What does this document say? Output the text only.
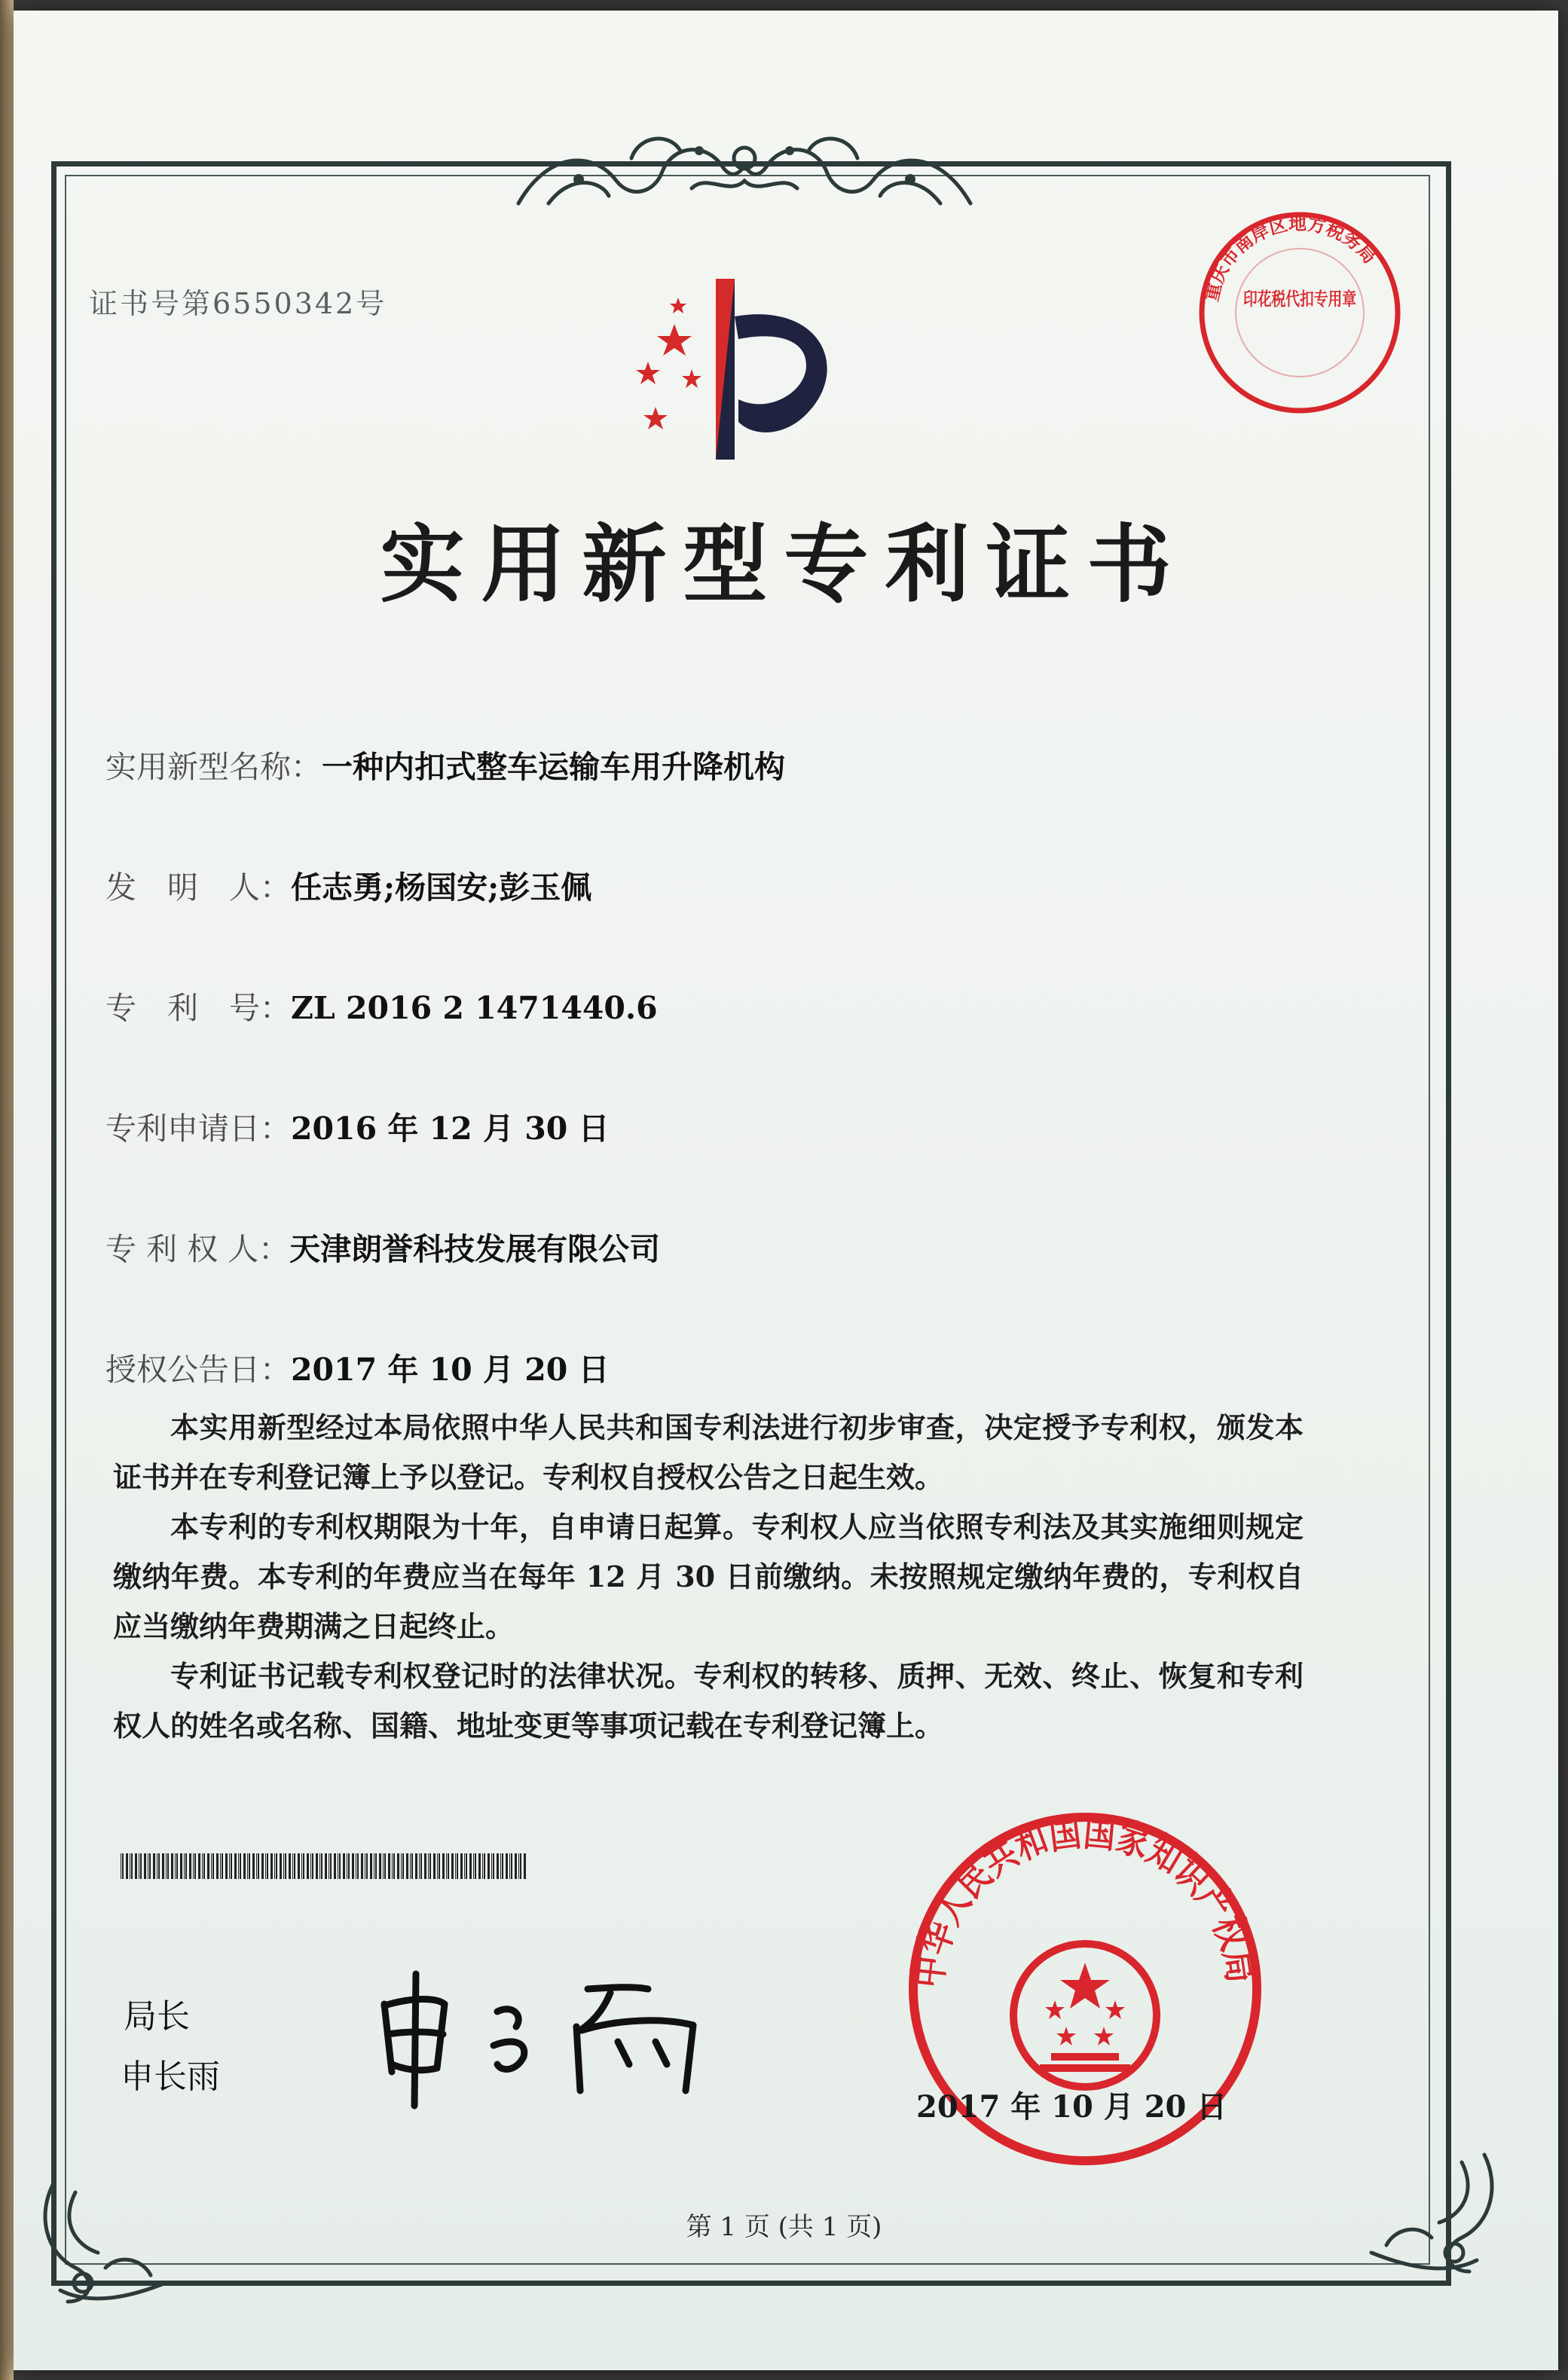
证书号第6550342号	重庆市南岸区地方税务局
印花税代扣专用章
实用新型专利证书
实用新型名称：一种内扣式整车运输车用升降机构
发　明　人：任志勇;杨国安;彭玉佩
专　利　号：ZL 2016 2 1471440.6
专利申请日：2016 年 12 月 30 日
专 利 权 人：天津朗誉科技发展有限公司
授权公告日：2017 年 10 月 20 日

本实用新型经过本局依照中华人民共和国专利法进行初步审查，决定授予专利权，颁发本证书并在专利登记簿上予以登记。专利权自授权公告之日起生效。

本专利的专利权期限为十年，自申请日起算。专利权人应当依照专利法及其实施细则规定缴纳年费。本专利的年费应当在每年 12 月 30 日前缴纳。未按照规定缴纳年费的，专利权自应当缴纳年费期满之日起终止。

专利证书记载专利权登记时的法律状况。专利权的转移、质押、无效、终止、恢复和专利权人的姓名或名称、国籍、地址变更等事项记载在专利登记簿上。

局长
申长雨
中华人民共和国国家知识产权局
2017 年 10 月 20 日
第 1 页 (共 1 页)
